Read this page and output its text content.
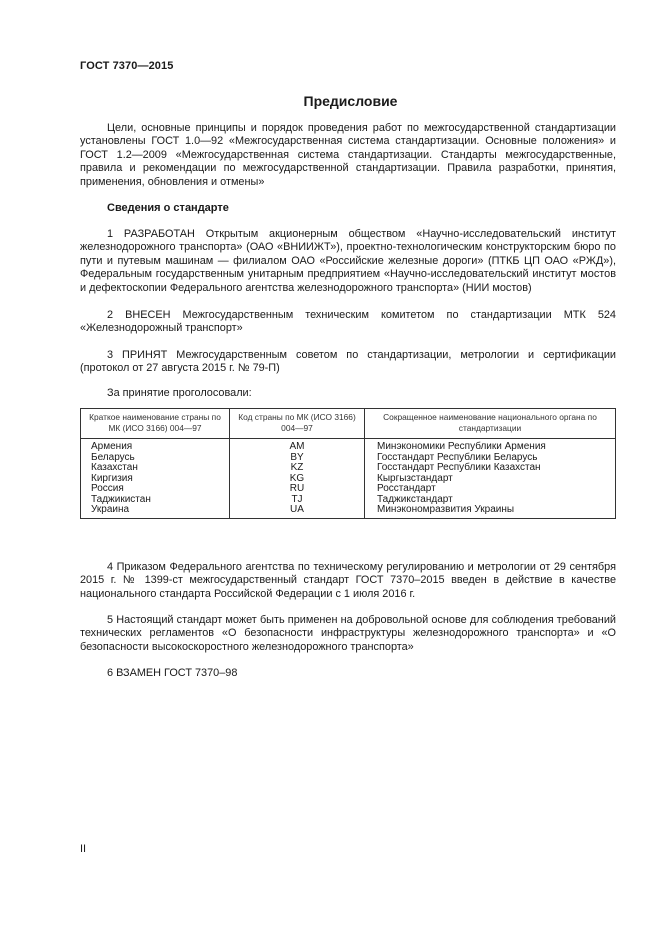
ГОСТ 7370—2015
Предисловие

Цели, основные принципы и порядок проведения работ по межгосударственной стандартизации установлены ГОСТ 1.0—92 «Межгосударственная система стандартизации. Основные положения» и ГОСТ 1.2—2009 «Межгосударственная система стандартизации. Стандарты межгосударственные, правила и рекомендации по межгосударственной стандартизации. Правила разработки, принятия, применения, обновления и отмены»

Сведения о стандарте

1 РАЗРАБОТАН Открытым акционерным обществом «Научно-исследовательский институт железнодорожного транспорта» (ОАО «ВНИИЖТ»), проектно-технологическим конструкторским бюро по пути и путевым машинам — филиалом ОАО «Российские железные дороги» (ПТКБ ЦП ОАО «РЖД»), Федеральным государственным унитарным предприятием «Научно-исследовательский институт мостов и дефектоскопии Федерального агентства железнодорожного транспорта» (НИИ мостов)

2 ВНЕСЕН Межгосударственным техническим комитетом по стандартизации МТК 524 «Железнодорожный транспорт»

3 ПРИНЯТ Межгосударственным советом по стандартизации, метрологии и сертификации (протокол от 27 августа 2015 г. № 79-П)

За принятие проголосовали:
Краткое наименование страны по МК (ИСО 3166) 004—97	Код страны по МК (ИСО 3166) 004—97	Сокращенное наименование национального органа по стандартизации
Армения	AM	Минэкономики Республики Армения
Беларусь	BY	Госстандарт Республики Беларусь
Казахстан	KZ	Госстандарт Республики Казахстан
Киргизия	KG	Кыргызстандарт
Россия	RU	Росстандарт
Таджикистан	TJ	Таджикстандарт
Украина	UA	Минэкономразвития Украины

4 Приказом Федерального агентства по техническому регулированию и метрологии от 29 сентября 2015 г. № 1399-ст межгосударственный стандарт ГОСТ 7370–2015 введен в действие в качестве национального стандарта Российской Федерации с 1 июля 2016 г.

5 Настоящий стандарт может быть применен на добровольной основе для соблюдения требований технических регламентов «О безопасности инфраструктуры железнодорожного транспорта» и «О безопасности высокоскоростного железнодорожного транспорта»

6 ВЗАМЕН ГОСТ 7370–98
II
